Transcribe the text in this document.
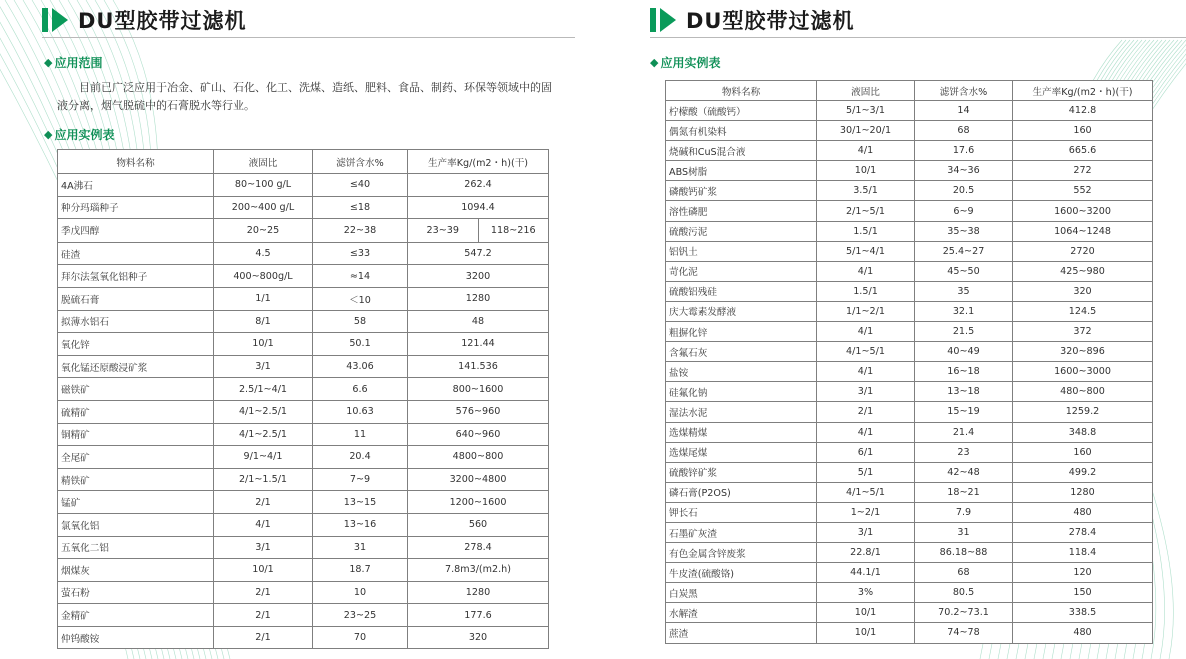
DU型胶带过滤机
◆ 应用范围
目前已广泛应用于冶金、矿山、石化、化工、洗煤、造纸、肥料、食品、制药、环保等领域中的固液分离，烟气脱硫中的石膏脱水等行业。
◆ 应用实例表
物料名称	液固比	滤饼含水%	生产率Kg/(m2・h)(干)
4A沸石	80~100 g/L	≤40	262.4
种分玛瑙种子	200~400 g/L	≤18	1094.4
季戊四醇	20~25	22~38	23~39 118~216

硅渣	4.5	≤33	547.2
拜尔法氢氧化铝种子	400~800g/L	≈14	3200
脱硫石膏	1/1	＜10	1280
拟薄水铝石	8/1	58	48
氧化锌	10/1	50.1	121.44
氧化锰还原酸浸矿浆	3/1	43.06	141.536
磁铁矿	2.5/1~4/1	6.6	800~1600
硫精矿	4/1~2.5/1	10.63	576~960
铜精矿	4/1~2.5/1	11	640~960
全尾矿	9/1~4/1	20.4	4800~800
精铁矿	2/1~1.5/1	7~9	3200~4800
锰矿	2/1	13~15	1200~1600
氯氧化铝	4/1	13~16	560
五氧化二铝	3/1	31	278.4
烟煤灰	10/1	18.7	7.8m3/(m2.h)
萤石粉	2/1	10	1280
金精矿	2/1	23~25	177.6
仲钨酸铵	2/1	70	320
DU型胶带过滤机
◆ 应用实例表
物料名称	液固比	滤饼含水%	生产率Kg/(m2・h)(干)
柠檬酸（硫酸钙）	5/1~3/1	14	412.8
偶氮有机染料	30/1~20/1	68	160
烧碱和CuS混合液	4/1	17.6	665.6
ABS树脂	10/1	34~36	272
磷酸钙矿浆	3.5/1	20.5	552
溶性磷肥	2/1~5/1	6~9	1600~3200
硫酸污泥	1.5/1	35~38	1064~1248
铝钒土	5/1~4/1	25.4~27	2720
苛化泥	4/1	45~50	425~980
硫酸铝残硅	1.5/1	35	320
庆大霉素发酵液	1/1~2/1	32.1	124.5
粗摒化锌	4/1	21.5	372
含氟石灰	4/1~5/1	40~49	320~896
盐铵	4/1	16~18	1600~3000
硅氟化钠	3/1	13~18	480~800
湿法水泥	2/1	15~19	1259.2
选煤精煤	4/1	21.4	348.8
选煤尾煤	6/1	23	160
硫酸锌矿浆	5/1	42~48	499.2
磷石膏(P2OS)	4/1~5/1	18~21	1280
钾长石	1~2/1	7.9	480
石墨矿灰渣	3/1	31	278.4
有色金属含锌废浆	22.8/1	86.18~88	118.4
牛皮渣(硫酸铬)	44.1/1	68	120
白炭黑	3%	80.5	150
水解渣	10/1	70.2~73.1	338.5
蔗渣	10/1	74~78	480
